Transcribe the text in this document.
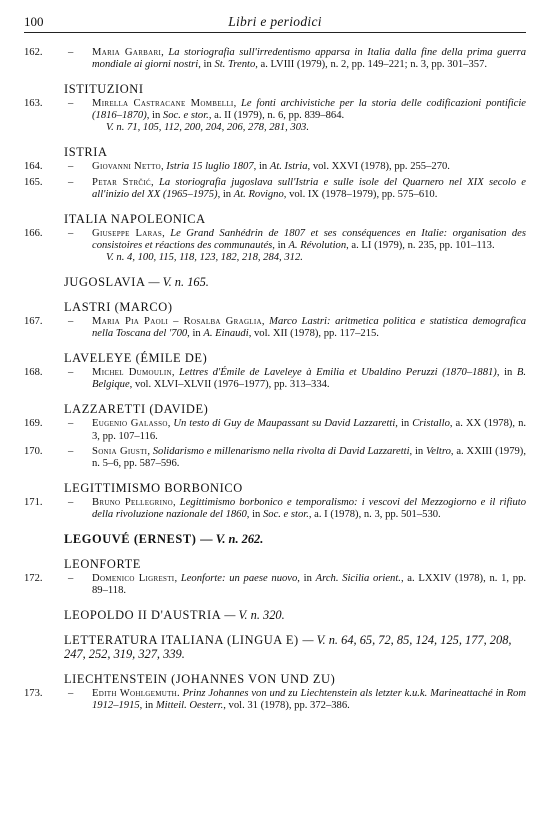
100	Libri e periodici
162. – Maria Garbari, La storiografia sull'irredentismo apparsa in Italia dalla fine della prima guerra mondiale ai giorni nostri, in St. Trento, a. LVIII (1979), n. 2, pp. 149–221; n. 3, pp. 301–357.
ISTITUZIONI
163. – Mirella Castracane Mombelli, Le fonti archivistiche per la storia delle codificazioni pontificie (1816–1870), in Soc. e stor., a. II (1979), n. 6, pp. 839–864.
V. n. 71, 105, 112, 200, 204, 206, 278, 281, 303.
ISTRIA
164. – Giovanni Netto, Istria 15 luglio 1807, in At. Istria, vol. XXVI (1978), pp. 255–270.
165. – Petar Strčić, La storiografia jugoslava sull'Istria e sulle isole del Quarnero nel XIX secolo e all'inizio del XX (1965–1975), in At. Rovigno, vol. IX (1978–1979), pp. 575–610.
ITALIA NAPOLEONICA
166. – Giuseppe Laras, Le Grand Sanhédrin de 1807 et ses conséquences en Italie: organisation des consistoires et réactions des communautés, in A. Révolution, a. LI (1979), n. 235, pp. 101–113.
V. n. 4, 100, 115, 118, 123, 182, 218, 284, 312.
JUGOSLAVIA — V. n. 165.
LASTRI (MARCO)
167. – Maria Pia Paoli – Rosalba Graglia, Marco Lastri: aritmetica politica e statistica demografica nella Toscana del '700, in A. Einaudi, vol. XII (1978), pp. 117–215.
LAVELEYE (ÉMILE DE)
168. – Michel Dumoulin, Lettres d'Émile de Laveleye à Emilia et Ubaldino Peruzzi (1870–1881), in B. Belgique, vol. XLVI–XLVII (1976–1977), pp. 313–334.
LAZZARETTI (DAVIDE)
169. – Eugenio Galasso, Un testo di Guy de Maupassant su David Lazzaretti, in Cristallo, a. XX (1978), n. 3, pp. 107–116.
170. – Sonia Giusti, Solidarismo e millenarismo nella rivolta di David Lazzaretti, in Veltro, a. XXIII (1979), n. 5–6, pp. 587–596.
LEGITTIMISMO BORBONICO
171. – Bruno Pellegrino, Legittimismo borbonico e temporalismo: i vescovi del Mezzogiorno e il rifiuto della rivoluzione nazionale del 1860, in Soc. e stor., a. I (1978), n. 3, pp. 501–530.
LEGOUVÉ (ERNEST) — V. n. 262.
LEONFORTE
172. – Domenico Ligresti, Leonforte: un paese nuovo, in Arch. Sicilia orient., a. LXXIV (1978), n. 1, pp. 89–118.
LEOPOLDO II D'AUSTRIA — V. n. 320.
LETTERATURA ITALIANA (LINGUA E) — V. n. 64, 65, 72, 85, 124, 125, 177, 208, 247, 252, 319, 327, 339.
LIECHTENSTEIN (JOHANNES VON UND ZU)
173. – Edith Wohlgemuth. Prinz Johannes von und zu Liechtenstein als letzter k.u.k. Marineattaché in Rom 1912–1915, in Mitteil. Oesterr., vol. 31 (1978), pp. 372–386.
